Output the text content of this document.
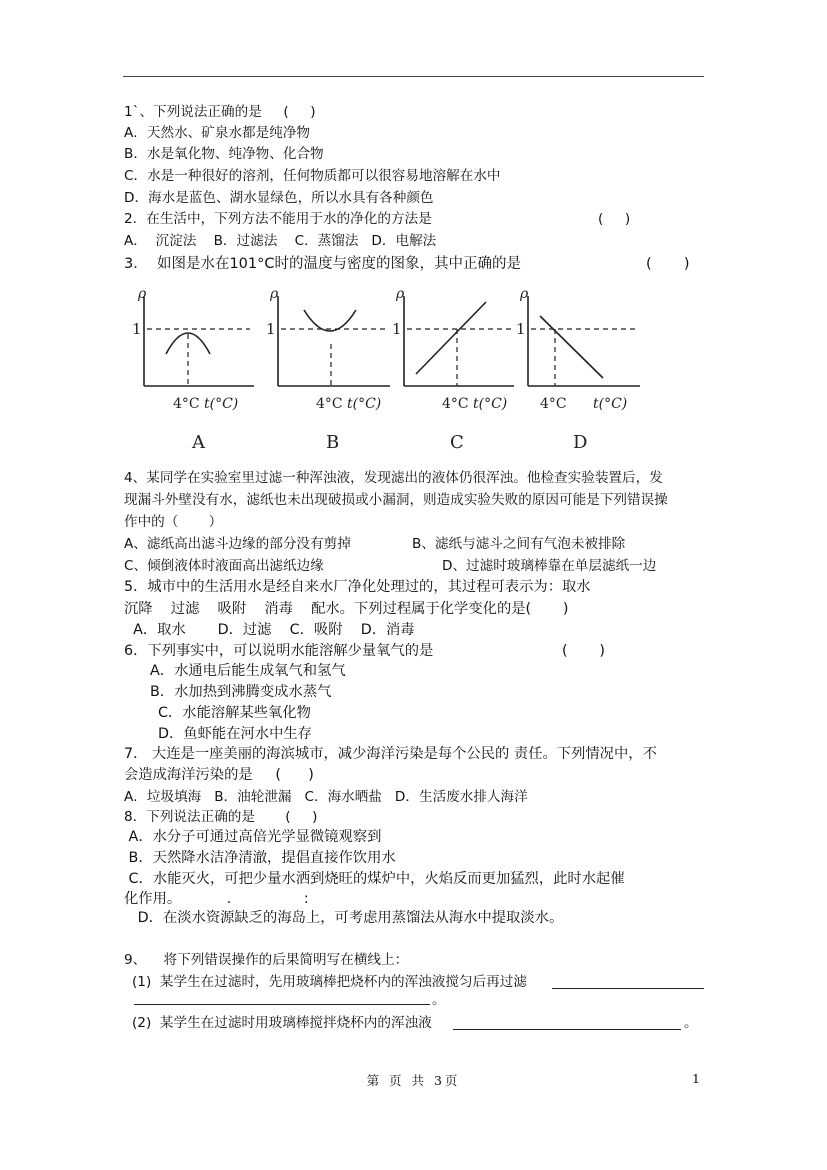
1`、下列说法正确的是     (     )
A．天然水、矿泉水都是纯净物
B．水是氧化物、纯净物、化合物
C．水是一种很好的溶剂，任何物质都可以很容易地溶解在水中
D．海水是蓝色、湖水显绿色，所以水具有各种颜色
2．在生活中，下列方法不能用于水的净化的方法是	(     )
A．  沉淀法    B．过滤法    C．蒸馏法   D．电解法
3．  如图是水在101°C时的温度与密度的图象，其中正确的是	(       )
ρ	ρ	ρ	ρ
1	1	1	1
4°C	4°C	4°C	4°C
t(°C)	t(°C)	t(°C)	t(°C)
A	B	C	D
4、某同学在实验室里过滤一种浑浊液，发现滤出的液体仍很浑浊。他检查实验装置后，发
现漏斗外壁没有水，滤纸也未出现破损或小漏洞，则造成实验失败的原因可能是下列错误操
作中的（       ）
A、滤纸高出滤斗边缘的部分没有剪掉	B、滤纸与滤斗之间有气泡未被排除
C、倾倒液体时液面高出滤纸边缘	D、过滤时玻璃棒靠在单层滤纸一边
5．城市中的生活用水是经自来水厂净化处理过的，其过程可表示为：取水
沉降    过滤    吸附    消毒    配水。下列过程属于化学变化的是(       )
A．取水       D．过滤    C．吸附    D．消毒
6．下列事实中，可以说明水能溶解少量氧气的是	(       )
A．水通电后能生成氧气和氢气
B．水加热到沸腾变成水蒸气
C．水能溶解某些氧化物
D．鱼虾能在河水中生存
7． 大连是一座美丽的海滨城市，减少海洋污染是每个公民的 责任。下列情况中，不
会造成海洋污染的是     (      )
A．垃圾填海   B．油轮泄漏   C．海水晒盐   D．生活废水排人海洋
8．下列说法正确的是       (     )
A．水分子可通过高倍光学显微镜观察到
B．天然降水洁净清澈，提倡直接作饮用水
C．水能灭火，可把少量水洒到烧旺的煤炉中，火焰反而更加猛烈，此时水起催
化作用。          .                :
D．在淡水资源缺乏的海岛上，可考虑用蒸馏法从海水中提取淡水。
9、    将下列错误操作的后果简明写在横线上：
(1)  某学生在过滤时，先用玻璃棒把烧杯内的浑浊液搅匀后再过滤
。
(2)  某学生在过滤时用玻璃棒搅拌烧杯内的浑浊液	。
第 页 共 3页	1
